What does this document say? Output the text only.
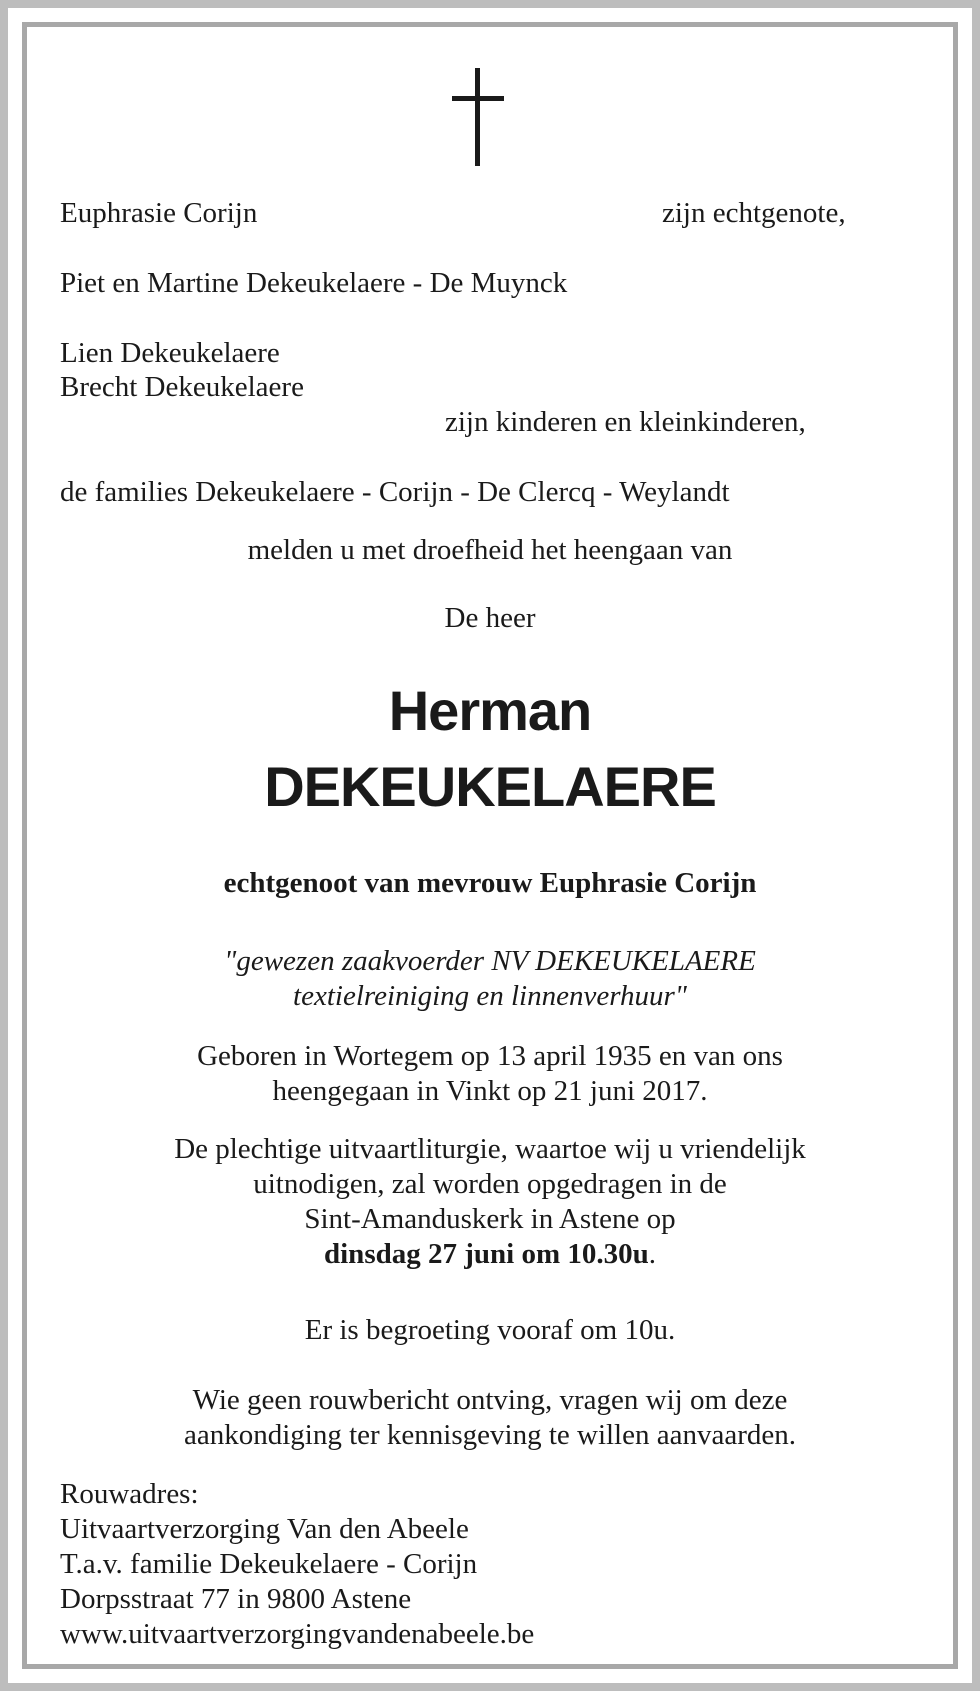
Euphrasie Corijn	zijn echtgenote,
Piet en Martine Dekeukelaere - De Muynck
Lien Dekeukelaere
Brecht Dekeukelaere
zijn kinderen en kleinkinderen,
de families Dekeukelaere - Corijn - De Clercq - Weylandt
melden u met droefheid het heengaan van
De heer
Herman
DEKEUKELAERE
echtgenoot van mevrouw Euphrasie Corijn
"gewezen zaakvoerder NV DEKEUKELAERE
textielreiniging en linnenverhuur"
Geboren in Wortegem op 13 april 1935 en van ons
heengegaan in Vinkt op 21 juni 2017.
De plechtige uitvaartliturgie, waartoe wij u vriendelijk
uitnodigen, zal worden opgedragen in de
Sint-Amanduskerk in Astene op
dinsdag 27 juni om 10.30u.
Er is begroeting vooraf om 10u.
Wie geen rouwbericht ontving, vragen wij om deze
aankondiging ter kennisgeving te willen aanvaarden.
Rouwadres:
Uitvaartverzorging Van den Abeele
T.a.v. familie Dekeukelaere - Corijn
Dorpsstraat 77 in 9800 Astene
www.uitvaartverzorgingvandenabeele.be
